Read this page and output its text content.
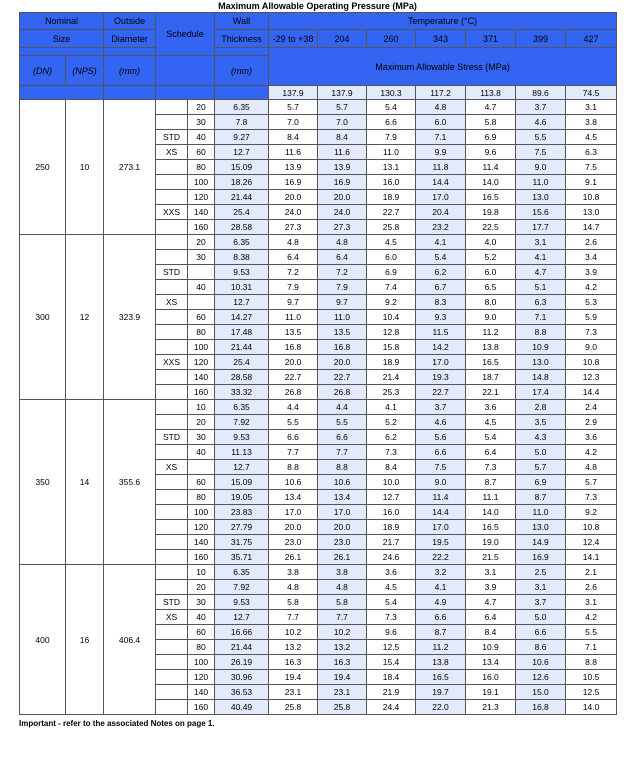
Maximum Allowable Operating Pressure (MPa)
Nominal		Outside	Schedule		Wall	Temperature (°C)						
Size		Diameter			Thickness	-29 to +38	204	260	343	371	399	427
						Maximum Allowable Stress (MPa)						
(DN)	(NPS)	(mm)			(mm)							
						137.9	137.9	130.3	117.2	113.8	89.6	74.5
250	10	273.1		20	6.35	5.7	5.7	5.4	4.8	4.7	3.7	3.1
				30	7.8	7.0	7.0	6.6	6.0	5.8	4.6	3.8
			STD	40	9.27	8.4	8.4	7.9	7.1	6.9	5.5	4.5
			XS	60	12.7	11.6	11.6	11.0	9.9	9.6	7.5	6.3
				80	15.09	13.9	13.9	13.1	11.8	11.4	9.0	7.5
				100	18.26	16.9	16.9	16.0	14.4	14.0	11.0	9.1
				120	21.44	20.0	20.0	18.9	17.0	16.5	13.0	10.8
			XXS	140	25.4	24.0	24.0	22.7	20.4	19.8	15.6	13.0
				160	28.58	27.3	27.3	25.8	23.2	22.5	17.7	14.7
300	12	323.9		20	6.35	4.8	4.8	4.5	4.1	4.0	3.1	2.6
				30	8.38	6.4	6.4	6.0	5.4	5.2	4.1	3.4
			STD		9.53	7.2	7.2	6.9	6.2	6.0	4.7	3.9
				40	10.31	7.9	7.9	7.4	6.7	6.5	5.1	4.2
			XS		12.7	9.7	9.7	9.2	8.3	8.0	6.3	5.3
				60	14.27	11.0	11.0	10.4	9.3	9.0	7.1	5.9
				80	17.48	13.5	13.5	12.8	11.5	11.2	8.8	7.3
				100	21.44	16.8	16.8	15.8	14.2	13.8	10.9	9.0
			XXS	120	25.4	20.0	20.0	18.9	17.0	16.5	13.0	10.8
				140	28.58	22.7	22.7	21.4	19.3	18.7	14.8	12.3
				160	33.32	26.8	26.8	25.3	22.7	22.1	17.4	14.4
350	14	355.6		10	6.35	4.4	4.4	4.1	3.7	3.6	2.8	2.4
				20	7.92	5.5	5.5	5.2	4.6	4.5	3.5	2.9
			STD	30	9.53	6.6	6.6	6.2	5.6	5.4	4.3	3.6
				40	11.13	7.7	7.7	7.3	6.6	6.4	5.0	4.2
			XS		12.7	8.8	8.8	8.4	7.5	7.3	5.7	4.8
				60	15.09	10.6	10.6	10.0	9.0	8.7	6.9	5.7
				80	19.05	13.4	13.4	12.7	11.4	11.1	8.7	7.3
				100	23.83	17.0	17.0	16.0	14.4	14.0	11.0	9.2
				120	27.79	20.0	20.0	18.9	17.0	16.5	13.0	10.8
				140	31.75	23.0	23.0	21.7	19.5	19.0	14.9	12.4
				160	35.71	26.1	26.1	24.6	22.2	21.5	16.9	14.1
400	16	406.4		10	6.35	3.8	3.8	3.6	3.2	3.1	2.5	2.1
				20	7.92	4.8	4.8	4.5	4.1	3.9	3.1	2.6
			STD	30	9.53	5.8	5.8	5.4	4.9	4.7	3.7	3.1
			XS	40	12.7	7.7	7.7	7.3	6.6	6.4	5.0	4.2
				60	16.66	10.2	10.2	9.6	8.7	8.4	6.6	5.5
				80	21.44	13.2	13.2	12.5	11.2	10.9	8.6	7.1
				100	26.19	16.3	16.3	15.4	13.8	13.4	10.6	8.8
				120	30.96	19.4	19.4	18.4	16.5	16.0	12.6	10.5
				140	36.53	23.1	23.1	21.9	19.7	19.1	15.0	12.5
				160	40.49	25.8	25.8	24.4	22.0	21.3	16.8	14.0
Important - refer to the associated Notes on page 1.
